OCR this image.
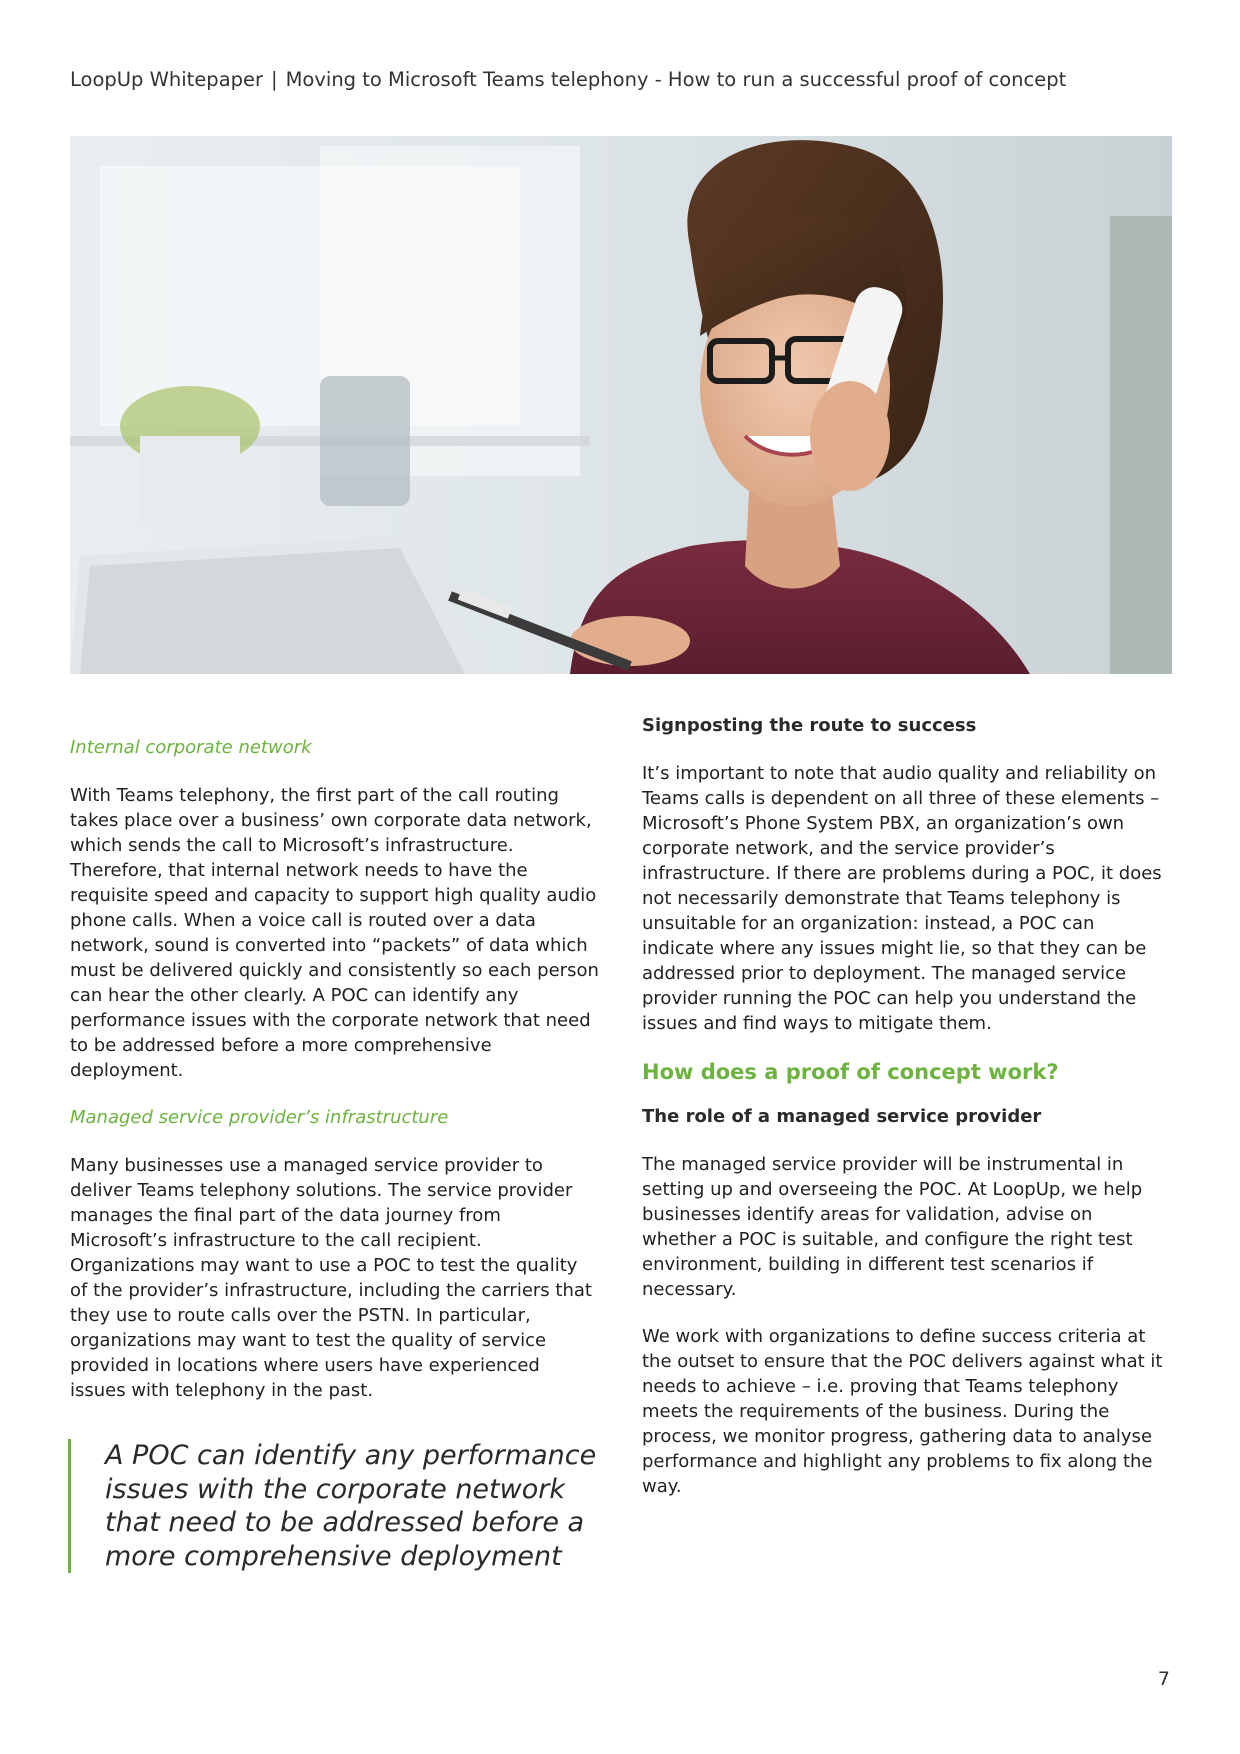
LoopUp Whitepaper | Moving to Microsoft Teams telephony - How to run a successful proof of concept

Internal corporate network

With Teams telephony, the first part of the call routing takes place over a business’ own corporate data network, which sends the call to Microsoft’s infrastructure. Therefore, that internal network needs to have the requisite speed and capacity to support high quality audio phone calls. When a voice call is routed over a data network, sound is converted into “packets” of data which must be delivered quickly and consistently so each person can hear the other clearly. A POC can identify any performance issues with the corporate network that need to be addressed before a more comprehensive deployment.

Managed service provider’s infrastructure

Many businesses use a managed service provider to deliver Teams telephony solutions. The service provider manages the final part of the data journey from Microsoft’s infrastructure to the call recipient. Organizations may want to use a POC to test the quality of the provider’s infrastructure, including the carriers that they use to route calls over the PSTN. In particular, organizations may want to test the quality of service provided in locations where users have experienced issues with telephony in the past.

A POC can identify any performance issues with the corporate network that need to be addressed before a more comprehensive deployment

Signposting the route to success

It’s important to note that audio quality and reliability on Teams calls is dependent on all three of these elements – Microsoft’s Phone System PBX, an organization’s own corporate network, and the service provider’s infrastructure. If there are problems during a POC, it does not necessarily demonstrate that Teams telephony is unsuitable for an organization: instead, a POC can indicate where any issues might lie, so that they can be addressed prior to deployment. The managed service provider running the POC can help you understand the issues and find ways to mitigate them.

How does a proof of concept work?

The role of a managed service provider

The managed service provider will be instrumental in setting up and overseeing the POC. At LoopUp, we help businesses identify areas for validation, advise on whether a POC is suitable, and configure the right test environment, building in different test scenarios if necessary.

We work with organizations to define success criteria at the outset to ensure that the POC delivers against what it needs to achieve – i.e. proving that Teams telephony meets the requirements of the business. During the process, we monitor progress, gathering data to analyse performance and highlight any problems to fix along the way.

7
